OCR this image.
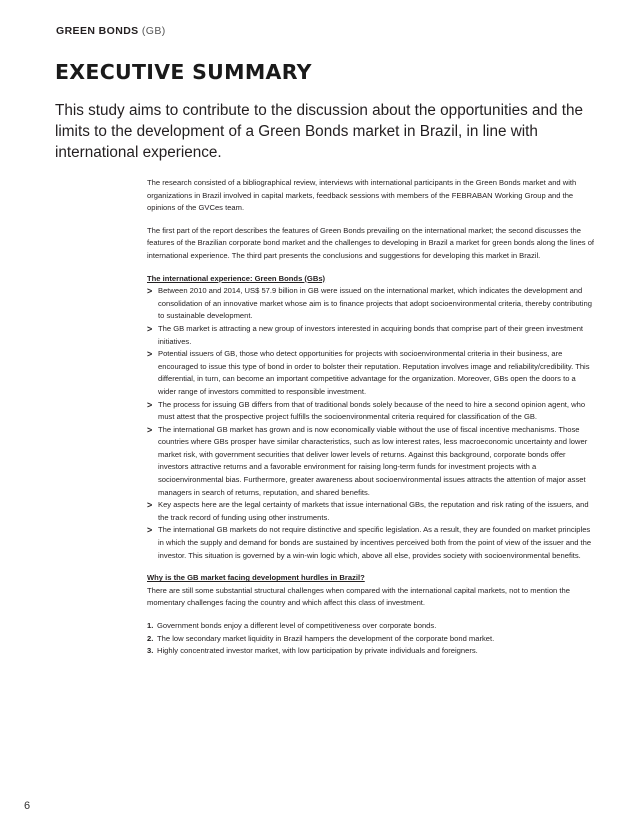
GREEN BONDS (GB)
EXECUTIVE SUMMARY

This study aims to contribute to the discussion about the opportunities and the limits to the development of a Green Bonds market in Brazil, in line with international experience.

The research consisted of a bibliographical review, interviews with international participants in the Green Bonds market and with organizations in Brazil involved in capital markets, feedback sessions with members of the FEBRABAN Working Group and the opinions of the GVCes team.

The first part of the report describes the features of Green Bonds prevailing on the international market; the second discusses the features of the Brazilian corporate bond market and the challenges to developing in Brazil a market for green bonds along the lines of international experience. The third part presents the conclusions and suggestions for developing this market in Brazil.

The international experience: Green Bonds (GBs)

> Between 2010 and 2014, US$ 57.9 billion in GB were issued on the international market, which indicates the development and consolidation of an innovative market whose aim is to finance projects that adopt socioenvironmental criteria, thereby contributing to sustainable development.
> The GB market is attracting a new group of investors interested in acquiring bonds that comprise part of their green investment initiatives.
> Potential issuers of GB, those who detect opportunities for projects with socioenvironmental criteria in their business, are encouraged to issue this type of bond in order to bolster their reputation. Reputation involves image and reliability/credibility. This differential, in turn, can become an important competitive advantage for the organization. Moreover, GBs open the doors to a wider range of investors committed to responsible investment.
> The process for issuing GB differs from that of traditional bonds solely because of the need to hire a second opinion agent, who must attest that the prospective project fulfills the socioenvironmental criteria required for classification of the GB.
> The international GB market has grown and is now economically viable without the use of fiscal incentive mechanisms. Those countries where GBs prosper have similar characteristics, such as low interest rates, less macroeconomic uncertainty and lower market risk, with government securities that deliver lower levels of returns. Against this background, corporate bonds offer investors attractive returns and a favorable environment for raising long-term funds for investment projects with a socioenvironmental bias. Furthermore, greater awareness about socioenvironmental issues attracts the attention of major asset managers in search of returns, reputation, and shared benefits.
> Key aspects here are the legal certainty of markets that issue international GBs, the reputation and risk rating of the issuers, and the track record of funding using other instruments.
> The international GB markets do not require distinctive and specific legislation. As a result, they are founded on market principles in which the supply and demand for bonds are sustained by incentives perceived both from the point of view of the issuer and the investor. This situation is governed by a win-win logic which, above all else, provides society with socioenvironmental benefits.

Why is the GB market facing development hurdles in Brazil?

There are still some substantial structural challenges when compared with the international capital markets, not to mention the momentary challenges facing the country and which affect this class of investment.

1. Government bonds enjoy a different level of competitiveness over corporate bonds.
2. The low secondary market liquidity in Brazil hampers the development of the corporate bond market.
3. Highly concentrated investor market, with low participation by private individuals and foreigners.
6
